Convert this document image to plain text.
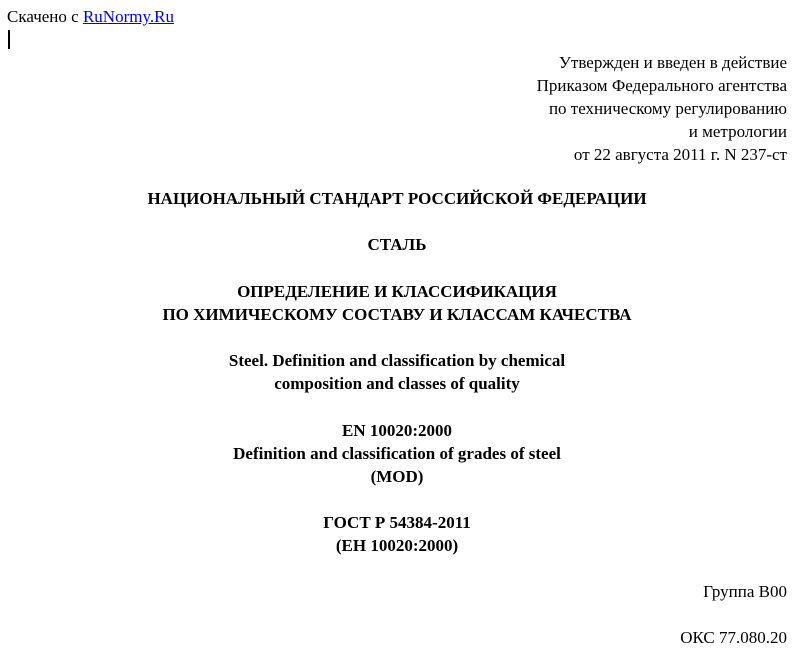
Скачено с RuNormy.Ru
Утвержден и введен в действие
Приказом Федерального агентства
по техническому регулированию
и метрологии
от 22 августа 2011 г. N 237-ст
НАЦИОНАЛЬНЫЙ СТАНДАРТ РОССИЙСКОЙ ФЕДЕРАЦИИ
СТАЛЬ
ОПРЕДЕЛЕНИЕ И КЛАССИФИКАЦИЯ
ПО ХИМИЧЕСКОМУ СОСТАВУ И КЛАССАМ КАЧЕСТВА
Steel. Definition and classification by chemical
composition and classes of quality
EN 10020:2000
Definition and classification of grades of steel
(MOD)
ГОСТ Р 54384-2011
(ЕН 10020:2000)
Группа В00
ОКС 77.080.20
